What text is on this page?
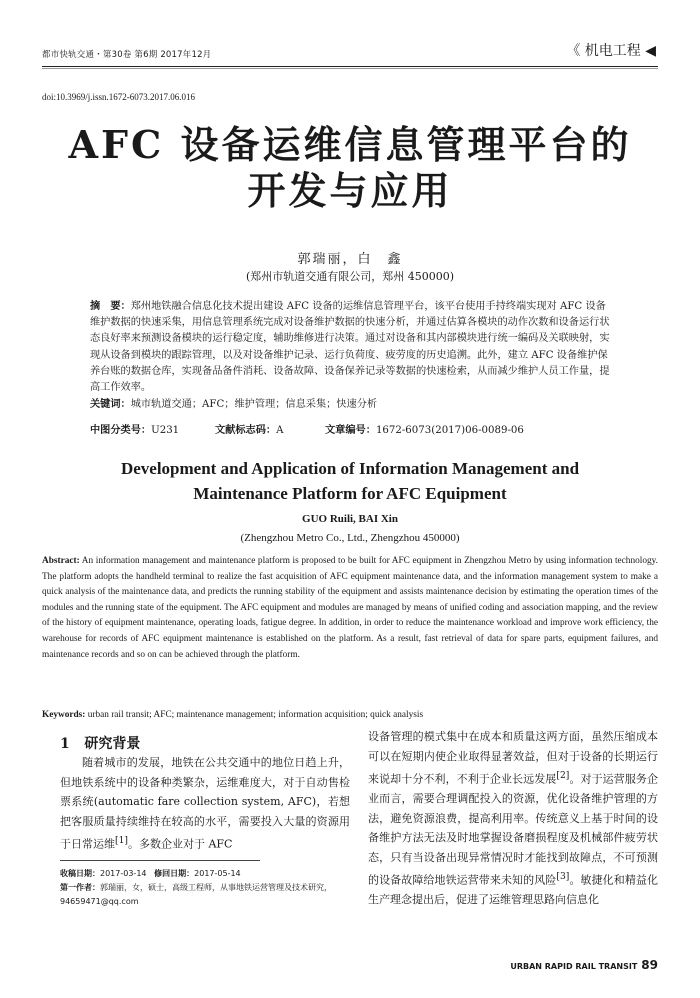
都市快轨交通・第30卷 第6期 2017年12月	《 机电工程 ◀
doi:10.3969/j.issn.1672-6073.2017.06.016
AFC 设备运维信息管理平台的
开发与应用
郭瑞丽，白　鑫
(郑州市轨道交通有限公司，郑州 450000)
摘　要：郑州地铁融合信息化技术提出建设 AFC 设备的运维信息管理平台，该平台使用手持终端实现对 AFC 设备维护数据的快速采集，用信息管理系统完成对设备维护数据的快速分析，并通过估算各模块的动作次数和设备运行状态良好率来预测设备模块的运行稳定度，辅助维修进行决策。通过对设备和其内部模块进行统一编码及关联映射，实现从设备到模块的跟踪管理，以及对设备维护记录、运行负荷度、疲劳度的历史追溯。此外，建立 AFC 设备维护保养台账的数据仓库，实现备品备件消耗、设备故障、设备保养记录等数据的快速检索，从而减少维护人员工作量，提高工作效率。
关键词：城市轨道交通；AFC；维护管理；信息采集；快速分析
中图分类号：U231	文献标志码：A	文章编号：1672-6073(2017)06-0089-06
Development and Application of Information Management and
Maintenance Platform for AFC Equipment
GUO Ruili, BAI Xin
(Zhengzhou Metro Co., Ltd., Zhengzhou 450000)
Abstract: An information management and maintenance platform is proposed to be built for AFC equipment in Zhengzhou Metro by using information technology. The platform adopts the handheld terminal to realize the fast acquisition of AFC equipment maintenance data, and the information management system to make a quick analysis of the maintenance data, and predicts the running stability of the equipment and assists maintenance decision by estimating the operation times of the modules and the running state of the equipment. The AFC equipment and modules are managed by means of unified coding and association mapping, and the review of the history of equipment maintenance, operating loads, fatigue degree. In addition, in order to reduce the maintenance workload and improve work efficiency, the warehouse for records of AFC equipment maintenance is established on the platform. As a result, fast retrieval of data for spare parts, equipment failures, and maintenance records and so on can be achieved through the platform.
Keywords: urban rail transit; AFC; maintenance management; information acquisition; quick analysis
1 研究背景
随着城市的发展，地铁在公共交通中的地位日趋上升，但地铁系统中的设备种类繁杂，运维难度大，对于自动售检票系统(automatic fare collection system, AFC)，若想把客服质量持续维持在较高的水平，需要投入大量的资源用于日常运维[1]。多数企业对于 AFC
收稿日期：2017-03-14 修回日期：2017-05-14
第一作者：郭瑞丽，女，硕士，高级工程师，从事地铁运营管理及技术研究，94659471@qq.com
设备管理的模式集中在成本和质量这两方面，虽然压缩成本可以在短期内使企业取得显著效益，但对于设备的长期运行来说却十分不利，不利于企业长远发展[2]。对于运营服务企业而言，需要合理调配投入的资源，优化设备维护管理的方法，避免资源浪费，提高利用率。传统意义上基于时间的设备维护方法无法及时地掌握设备磨损程度及机械部件疲劳状态，只有当设备出现异常情况时才能找到故障点，不可预测的设备故障给地铁运营带来未知的风险[3]。敏捷化和精益化生产理念提出后，促进了运维管理思路向信息化
URBAN RAPID RAIL TRANSIT 89
